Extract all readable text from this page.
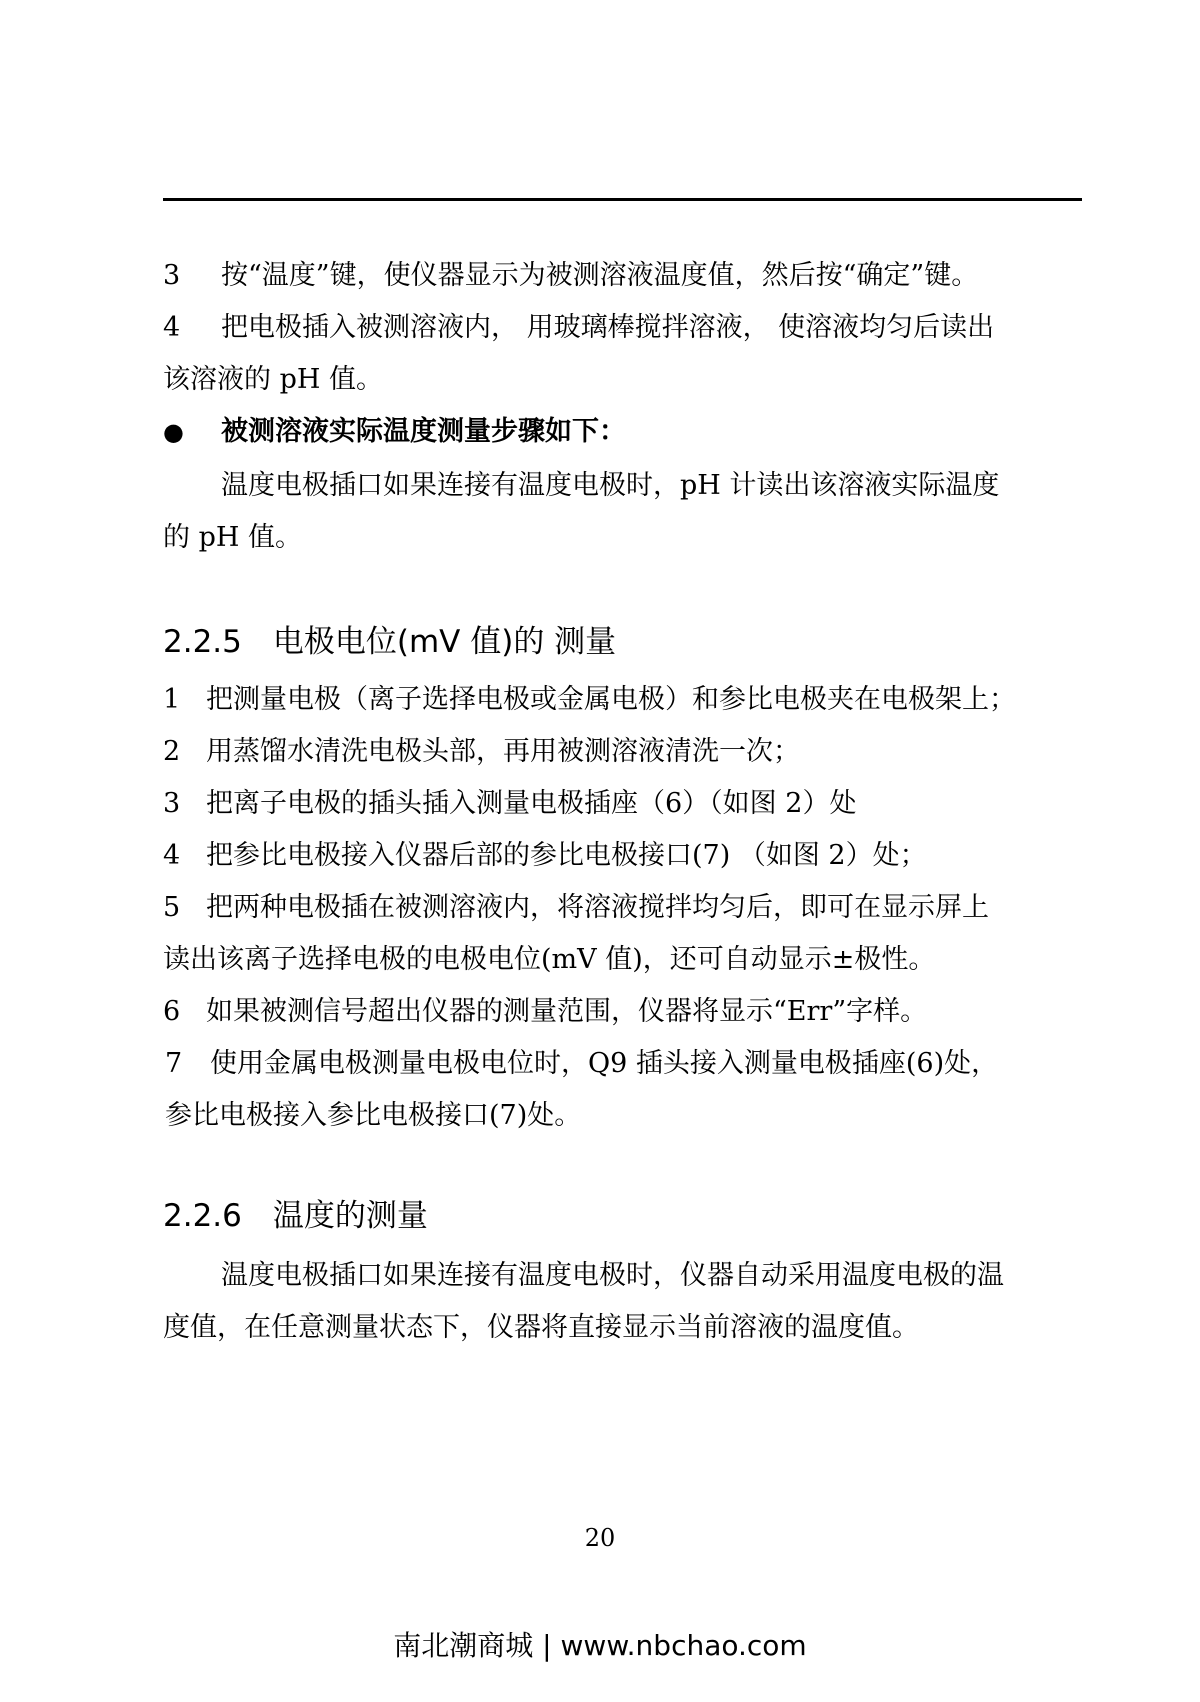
3 按“温度”键，使仪器显示为被测溶液温度值，然后按“确定”键。
4 把电极插入被测溶液内， 用玻璃棒搅拌溶液， 使溶液均匀后读出
该溶液的 pH 值。
● 被测溶液实际温度测量步骤如下：
温度电极插口如果连接有温度电极时，pH 计读出该溶液实际温度
的 pH 值。
2.2.5　电极电位(mV 值)的 测量
1 把测量电极（离子选择电极或金属电极）和参比电极夹在电极架上；
2 用蒸馏水清洗电极头部，再用被测溶液清洗一次；
3 把离子电极的插头插入测量电极插座（6）（如图 2）处
4 把参比电极接入仪器后部的参比电极接口(7) （如图 2）处；
5 把两种电极插在被测溶液内，将溶液搅拌均匀后，即可在显示屏上
读出该离子选择电极的电极电位(mV 值)，还可自动显示±极性。
6 如果被测信号超出仪器的测量范围，仪器将显示“Err”字样。
7 使用金属电极测量电极电位时，Q9 插头接入测量电极插座(6)处，
参比电极接入参比电极接口(7)处。
2.2.6　温度的测量
温度电极插口如果连接有温度电极时，仪器自动采用温度电极的温
度值，在任意测量状态下，仪器将直接显示当前溶液的温度值。
20
南北潮商城 | www.nbchao.com
